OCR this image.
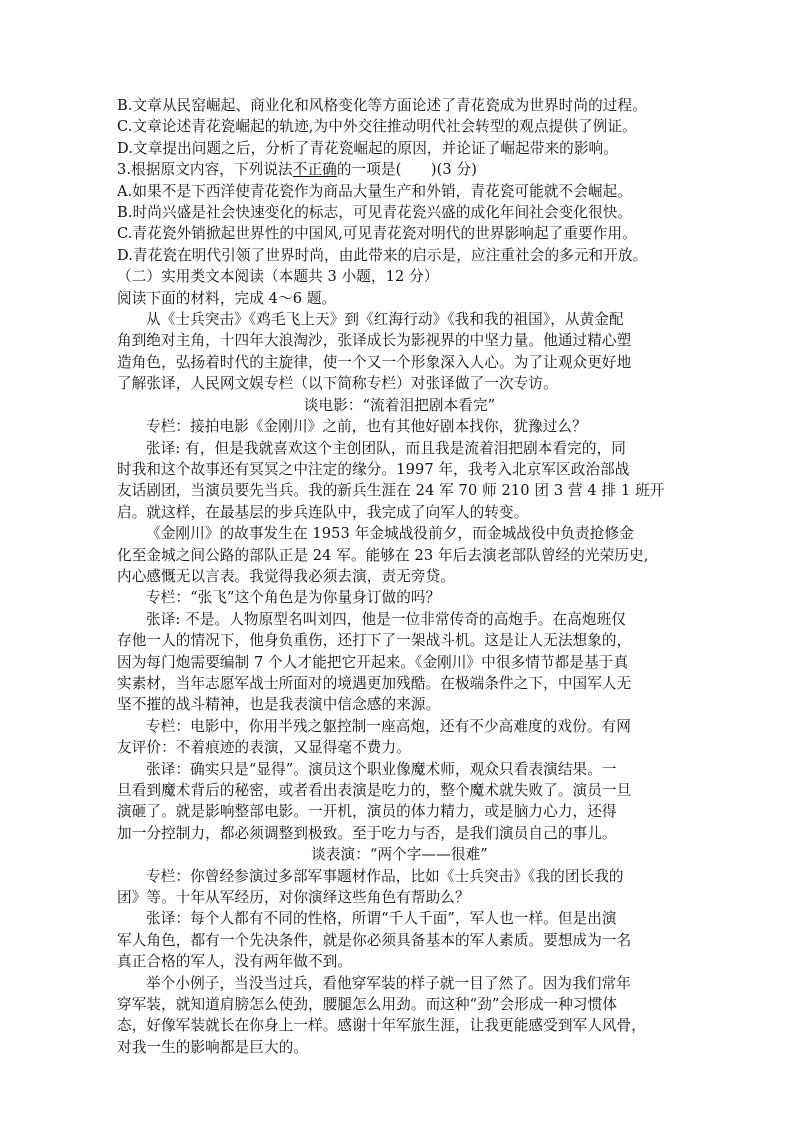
B.文章从民窑崛起、商业化和风格变化等方面论述了青花瓷成为世界时尚的过程。
C.文章论述青花瓷崛起的轨迹,为中外交往推动明代社会转型的观点提供了例证。
D.文章提出问题之后，分析了青花瓷崛起的原因，并论证了崛起带来的影响。
3.根据原文内容，下列说法不正确的一项是(　　)(3 分)
A.如果不是下西洋使青花瓷作为商品大量生产和外销，青花瓷可能就不会崛起。
B.时尚兴盛是社会快速变化的标志，可见青花瓷兴盛的成化年间社会变化很快。
C.青花瓷外销掀起世界性的中国风,可见青花瓷对明代的世界影响起了重要作用。
D.青花瓷在明代引领了世界时尚，由此带来的启示是，应注重社会的多元和开放。
（二）实用类文本阅读（本题共 3 小题，12 分）
阅读下面的材料，完成 4～6 题。
从《士兵突击》《鸡毛飞上天》到《红海行动》《我和我的祖国》，从黄金配
角到绝对主角，十四年大浪淘沙，张译成长为影视界的中坚力量。他通过精心塑
造角色，弘扬着时代的主旋律，使一个又一个形象深入人心。为了让观众更好地
了解张译，人民网文娱专栏（以下简称专栏）对张译做了一次专访。
谈电影：“流着泪把剧本看完”
专栏：接拍电影《金刚川》之前，也有其他好剧本找你，犹豫过么？
张译: 有，但是我就喜欢这个主创团队，而且我是流着泪把剧本看完的，同
时我和这个故事还有冥冥之中注定的缘分。1997 年，我考入北京军区政治部战
友话剧团，当演员要先当兵。我的新兵生涯在 24 军 70 师 210 团 3 营 4 排 1 班开
启。就这样，在最基层的步兵连队中，我完成了向军人的转变。
《金刚川》的故事发生在 1953 年金城战役前夕，而金城战役中负责抢修金
化至金城之间公路的部队正是 24 军。能够在 23 年后去演老部队曾经的光荣历史,
内心感慨无以言表。我觉得我必须去演，责无旁贷。
专栏：“张飞”这个角色是为你量身订做的吗？
张译: 不是。人物原型名叫刘四，他是一位非常传奇的高炮手。在高炮班仅
存他一人的情况下，他身负重伤，还打下了一架战斗机。这是让人无法想象的，
因为每门炮需要编制 7 个人才能把它开起来。《金刚川》中很多情节都是基于真
实素材，当年志愿军战士所面对的境遇更加残酷。在极端条件之下，中国军人无
坚不摧的战斗精神，也是我表演中信念感的来源。
专栏：电影中，你用半残之躯控制一座高炮，还有不少高难度的戏份。有网
友评价：不着痕迹的表演，又显得毫不费力。
张译：确实只是“显得”。演员这个职业像魔术师，观众只看表演结果。一
旦看到魔术背后的秘密，或者看出表演是吃力的，整个魔术就失败了。演员一旦
演砸了。就是影响整部电影。一开机，演员的体力精力，或是脑力心力，还得
加一分控制力，都必须调整到极致。至于吃力与否，是我们演员自己的事儿。
谈表演：“两个字——很难”
专栏：你曾经参演过多部军事题材作品，比如《士兵突击》《我的团长我的
团》等。十年从军经历，对你演绎这些角色有帮助么？
张译：每个人都有不同的性格，所谓“千人千面”，军人也一样。但是出演
军人角色，都有一个先决条件，就是你必须具备基本的军人素质。要想成为一名
真正合格的军人，没有两年做不到。
举个小例子，当没当过兵，看他穿军装的样子就一目了然了。因为我们常年
穿军装，就知道肩膀怎么使劲，腰腿怎么用劲。而这种“劲”会形成一种习惯体
态，好像军装就长在你身上一样。感谢十年军旅生涯，让我更能感受到军人风骨，
对我一生的影响都是巨大的。
